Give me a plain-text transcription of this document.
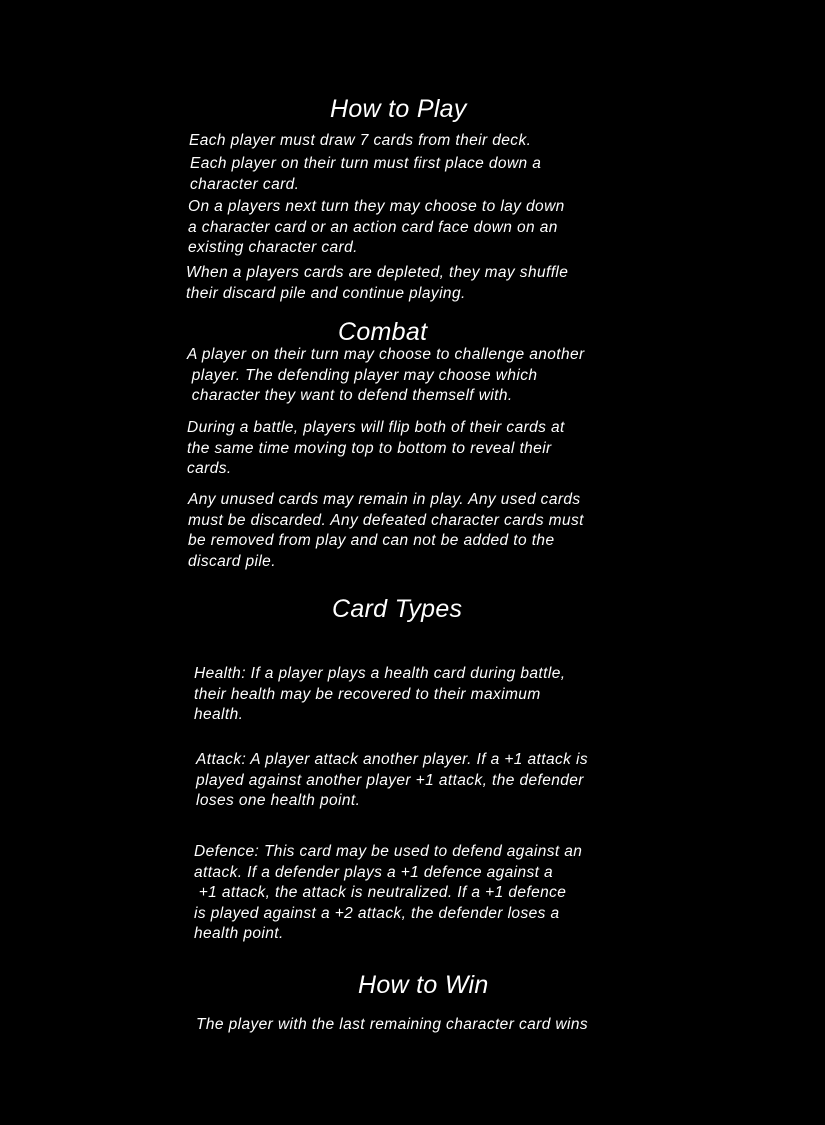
How to Play

Each player must draw 7 cards from their deck.

Each player on their turn must first place down a
character card.

On a players next turn they may choose to lay down
a character card or an action card face down on an
existing character card.

When a players cards are depleted, they may shuffle
their discard pile and continue playing.

Combat

A player on their turn may choose to challenge another
player. The defending player may choose which
character they want to defend themself with.

During a battle, players will flip both of their cards at
the same time moving top to bottom to reveal their
cards.

Any unused cards may remain in play. Any used cards
must be discarded. Any defeated character cards must
be removed from play and can not be added to the
discard pile.

Card Types

Health: If a player plays a health card during battle,
their health may be recovered to their maximum
health.

Attack: A player attack another player. If a +1 attack is
played against another player +1 attack, the defender
loses one health point.

Defence: This card may be used to defend against an
attack. If a defender plays a +1 defence against a
+1 attack, the attack is neutralized. If a +1 defence
is played against a +2 attack, the defender loses a
health point.

How to Win

The player with the last remaining character card wins
